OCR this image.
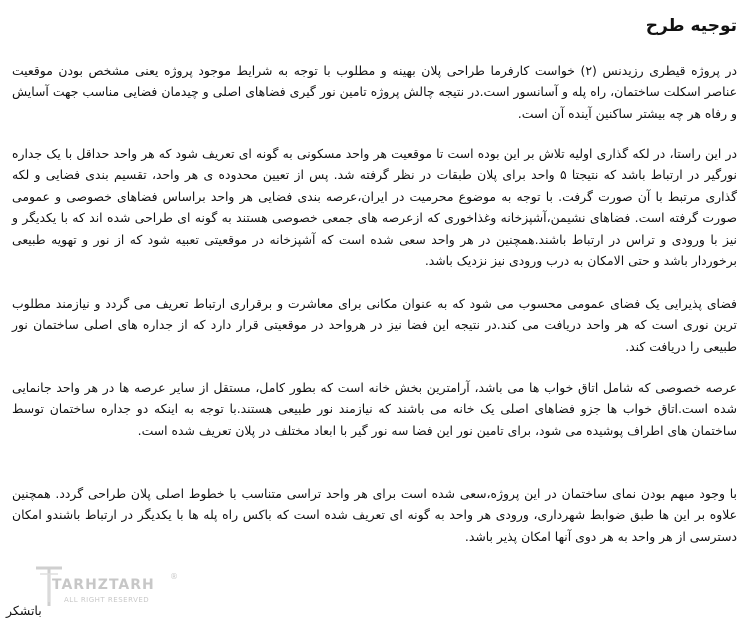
توجیه طرح

در پروژه قیطری رزیدنس (۲) خواست کارفرما طراحی پلان بهینه و مطلوب با توجه به شرایط موجود پروژه یعنی مشخص بودن موقعیت عناصر اسکلت ساختمان، راه پله و آسانسور است.در نتیجه چالش پروژه تامین نور گیری فضاهای اصلی و چیدمان فضایی مناسب جهت آسایش و رفاه هر چه بیشتر ساکنین آینده آن است.

در این راستا، در لکه گذاری اولیه تلاش بر این بوده است تا موقعیت هر واحد مسکونی به گونه ای تعریف شود که هر واحد حداقل با یک جداره نورگیر در ارتباط باشد که نتیجتا ۵ واحد برای پلان طبقات در نظر گرفته شد. پس از تعیین محدوده ی هر واحد، تقسیم بندی فضایی و لکه گذاری مرتبط با آن صورت گرفت. با توجه به موضوع محرمیت در ایران،عرصه بندی فضایی هر واحد براساس فضاهای خصوصی و عمومی صورت گرفته است. فضاهای نشیمن،آشپزخانه وغذاخوری که ازعرصه های جمعی خصوصی هستند به گونه ای طراحی شده اند که با یکدیگر و نیز با ورودی و تراس در ارتباط باشند.همچنین در هر واحد سعی شده است که آشپزخانه در موقعیتی تعبیه شود که از نور و تهویه طبیعی برخوردار باشد و حتی الامکان به درب ورودی نیز نزدیک باشد.

فضای پذیرایی یک فضای عمومی محسوب می شود که به عنوان مکانی برای معاشرت و برقراری ارتباط تعریف می گردد و نیازمند مطلوب ترین نوری است که هر واحد دریافت می کند.در نتیجه این فضا نیز در هرواحد در موقعیتی قرار دارد که از جداره های اصلی ساختمان نور طبیعی را دریافت کند.

عرصه خصوصی که شامل اتاق خواب ها می باشد، آرامترین بخش خانه است که بطور کامل، مستقل از سایر عرصه ها در هر واحد جانمایی شده است.اتاق خواب ها جزو فضاهای اصلی یک خانه می باشند که نیازمند نور طبیعی هستند.با توجه به اینکه دو جداره ساختمان توسط ساختمان های اطراف پوشیده می شود، برای تامین نور این فضا سه نور گیر با ابعاد مختلف در پلان تعریف شده است.

با وجود مبهم بودن نمای ساختمان در این پروژه،سعی شده است برای هر واحد تراسی متناسب با خطوط اصلی پلان طراحی گردد. همچنین علاوه بر این ها طبق ضوابط شهرداری، ورودی هر واحد به گونه ای تعریف شده است که باکس راه پله ها با یکدیگر در ارتباط باشندو امکان دسترسی از هر واحد به هر دوی آنها امکان پذیر باشد.

TARHZTARH
®
ALL RIGHT RESERVED
باتشکر
